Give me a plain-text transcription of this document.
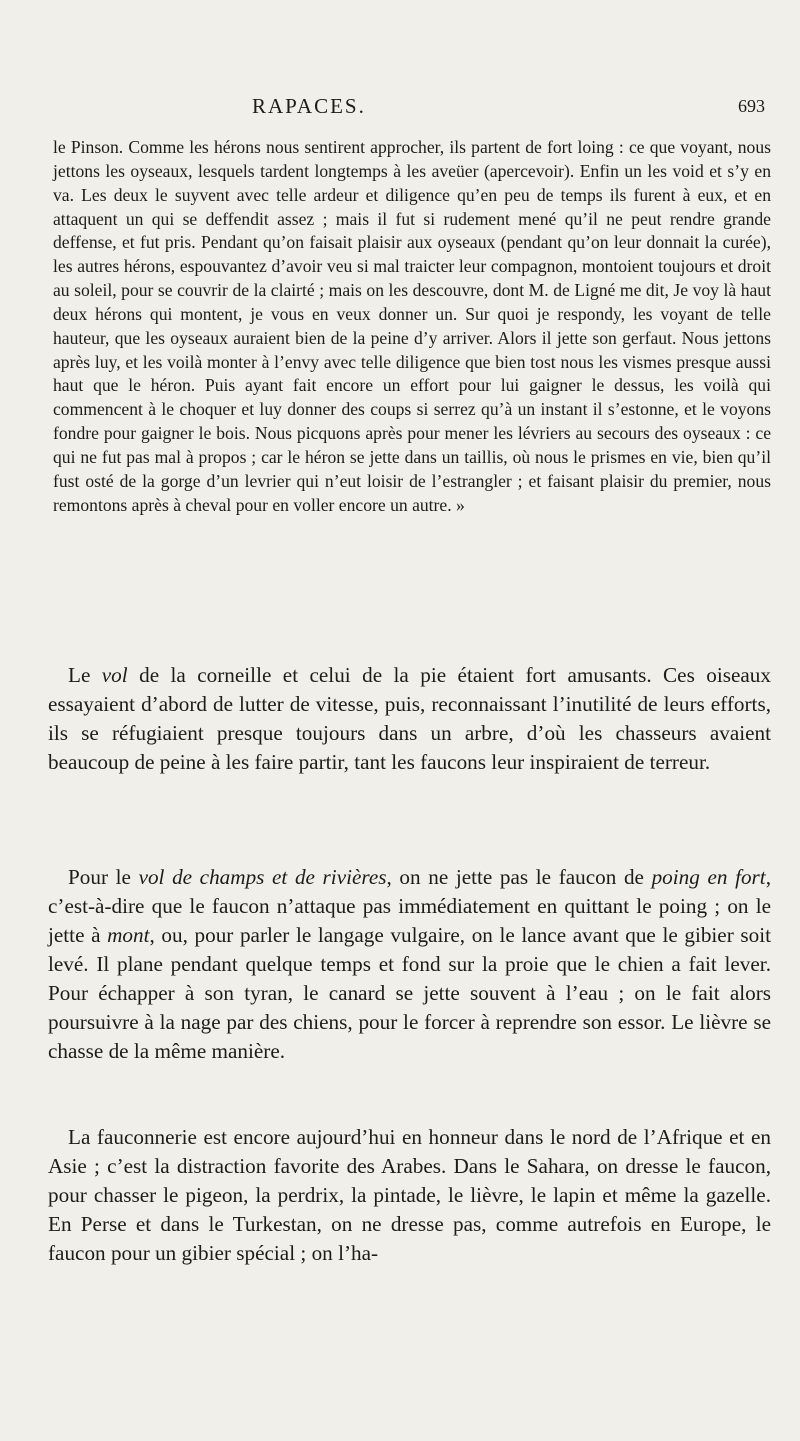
RAPACES.	693

le Pinson. Comme les hérons nous sentirent approcher, ils partent de fort loing : ce que voyant, nous jettons les oyseaux, lesquels tardent longtemps à les aveüer (apercevoir). Enfin un les void et s’y en va. Les deux le suyvent avec telle ardeur et diligence qu’en peu de temps ils furent à eux, et en attaquent un qui se deffendit assez ; mais il fut si rudement mené qu’il ne peut rendre grande deffense, et fut pris. Pendant qu’on faisait plaisir aux oyseaux (pendant qu’on leur donnait la curée), les autres hérons, espouvantez d’avoir veu si mal traicter leur compagnon, montoient toujours et droit au soleil, pour se couvrir de la clairté ; mais on les descouvre, dont M. de Ligné me dit, Je voy là haut deux hérons qui montent, je vous en veux donner un. Sur quoi je respondy, les voyant de telle hauteur, que les oyseaux auraient bien de la peine d’y arriver. Alors il jette son gerfaut. Nous jettons après luy, et les voilà monter à l’envy avec telle diligence que bien tost nous les vismes presque aussi haut que le héron. Puis ayant fait encore un effort pour lui gaigner le dessus, les voilà qui commencent à le choquer et luy donner des coups si serrez qu’à un instant il s’estonne, et le voyons fondre pour gaigner le bois. Nous picquons après pour mener les lévriers au secours des oyseaux : ce qui ne fut pas mal à propos ; car le héron se jette dans un taillis, où nous le prismes en vie, bien qu’il fust osté de la gorge d’un levrier qui n’eut loisir de l’estrangler ; et faisant plaisir du premier, nous remontons après à cheval pour en voller encore un autre. »

Le vol de la corneille et celui de la pie étaient fort amusants. Ces oiseaux essayaient d’abord de lutter de vitesse, puis, reconnaissant l’inutilité de leurs efforts, ils se réfugiaient presque toujours dans un arbre, d’où les chasseurs avaient beaucoup de peine à les faire partir, tant les faucons leur inspiraient de terreur.

Pour le vol de champs et de rivières, on ne jette pas le faucon de poing en fort, c’est-à-dire que le faucon n’attaque pas immédiatement en quittant le poing ; on le jette à mont, ou, pour parler le langage vulgaire, on le lance avant que le gibier soit levé. Il plane pendant quelque temps et fond sur la proie que le chien a fait lever. Pour échapper à son tyran, le canard se jette souvent à l’eau ; on le fait alors poursuivre à la nage par des chiens, pour le forcer à reprendre son essor. Le lièvre se chasse de la même manière.

La fauconnerie est encore aujourd’hui en honneur dans le nord de l’Afrique et en Asie ; c’est la distraction favorite des Arabes. Dans le Sahara, on dresse le faucon, pour chasser le pigeon, la perdrix, la pintade, le lièvre, le lapin et même la gazelle. En Perse et dans le Turkestan, on ne dresse pas, comme autrefois en Europe, le faucon pour un gibier spécial ; on l’ha-
